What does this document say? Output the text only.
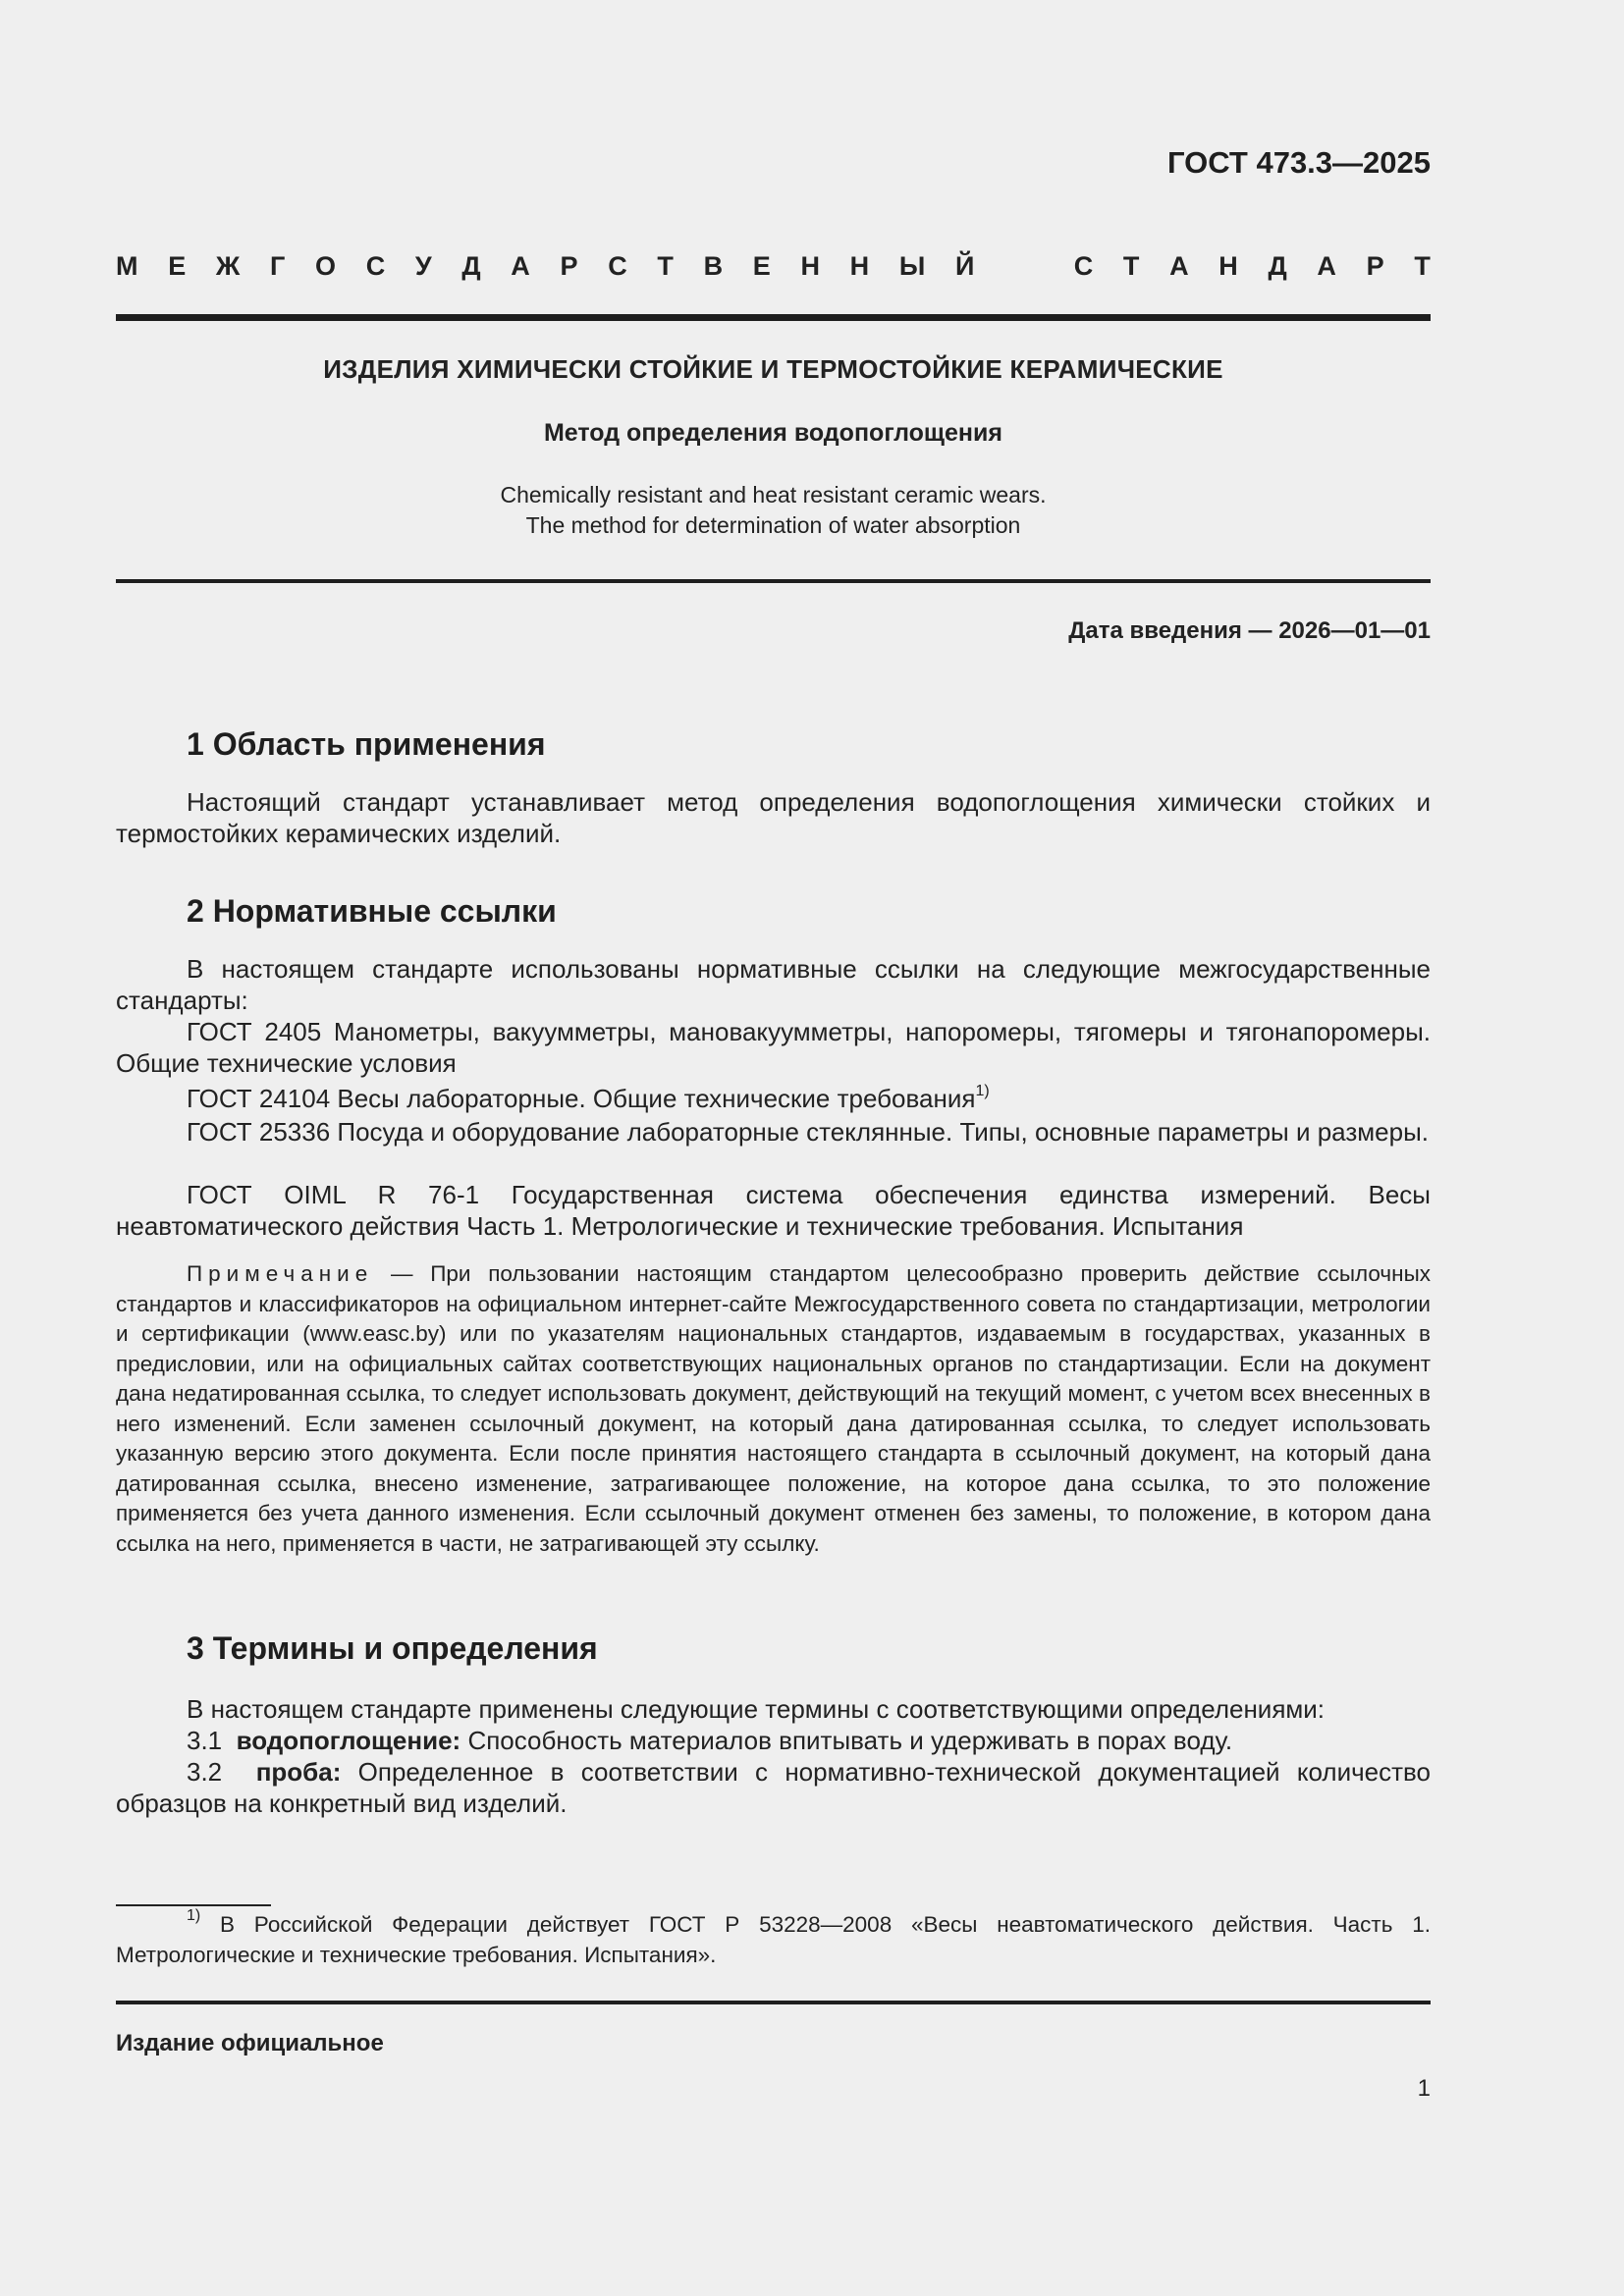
ГОСТ 473.3—2025
М Е Ж Г О С У Д А Р С Т В Е Н Н Ы Й	С Т А Н Д А Р Т
ИЗДЕЛИЯ ХИМИЧЕСКИ СТОЙКИЕ И ТЕРМОСТОЙКИЕ КЕРАМИЧЕСКИЕ
Метод определения водопоглощения
Chemically resistant and heat resistant ceramic wears.
The method for determination of water absorption
Дата введения — 2026—01—01
1 Область применения
Настоящий стандарт устанавливает метод определения водопоглощения химически стойких и термостойких керамических изделий.
2 Нормативные ссылки
В настоящем стандарте использованы нормативные ссылки на следующие межгосударственные стандарты:
ГОСТ 2405 Манометры, вакуумметры, мановакуумметры, напоромеры, тягомеры и тягонапоромеры. Общие технические условия
ГОСТ 24104 Весы лабораторные. Общие технические требования$^{1)}$
ГОСТ 25336 Посуда и оборудование лабораторные стеклянные. Типы, основные параметры и размеры.
ГОСТ OIML R 76-1 Государственная система обеспечения единства измерений. Весы неавтоматического действия Часть 1. Метрологические и технические требования. Испытания
Примечание — При пользовании настоящим стандартом целесообразно проверить действие ссылочных стандартов и классификаторов на официальном интернет-сайте Межгосударственного совета по стандартизации, метрологии и сертификации (www.easc.by) или по указателям национальных стандартов, издаваемым в государствах, указанных в предисловии, или на официальных сайтах соответствующих национальных органов по стандартизации. Если на документ дана недатированная ссылка, то следует использовать документ, действующий на текущий момент, с учетом всех внесенных в него изменений. Если заменен ссылочный документ, на который дана датированная ссылка, то следует использовать указанную версию этого документа. Если после принятия настоящего стандарта в ссылочный документ, на который дана датированная ссылка, внесено изменение, затрагивающее положение, на которое дана ссылка, то это положение применяется без учета данного изменения. Если ссылочный документ отменен без замены, то положение, в котором дана ссылка на него, применяется в части, не затрагивающей эту ссылку.
3 Термины и определения
В настоящем стандарте применены следующие термины с соответствующими определениями:
3.1 водопоглощение: Способность материалов впитывать и удерживать в порах воду.
3.2 проба: Определенное в соответствии с нормативно-технической документацией количество образцов на конкретный вид изделий.
$^{1)}$ В Российской Федерации действует ГОСТ Р 53228—2008 «Весы неавтоматического действия. Часть 1. Метрологические и технические требования. Испытания».
Издание официальное
1
